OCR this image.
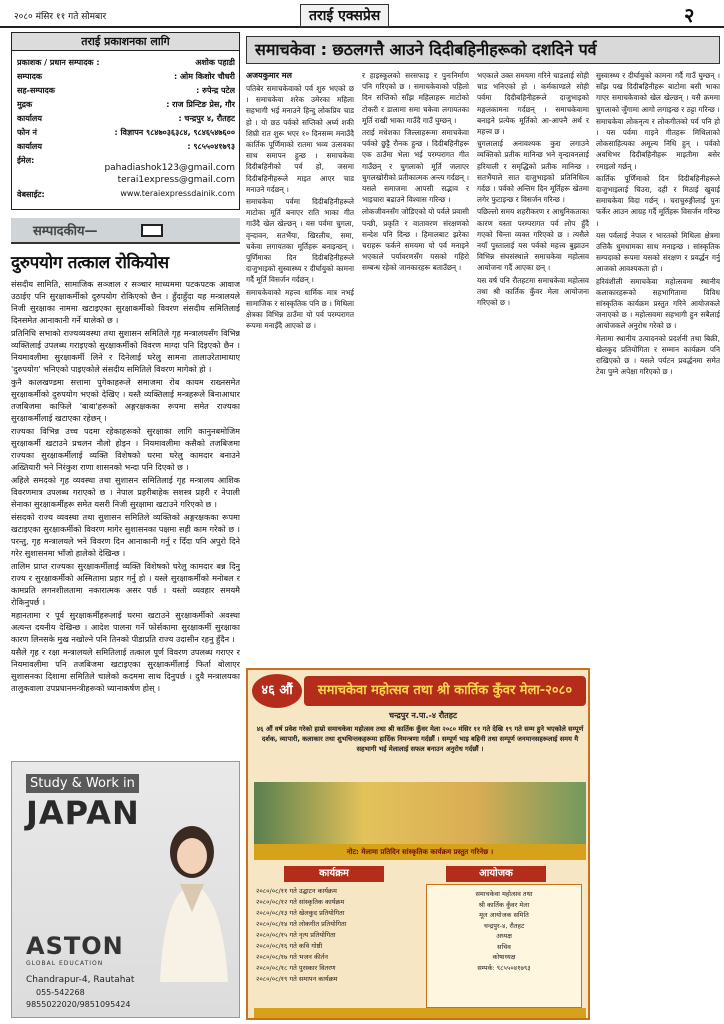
२०८० मंसिर ११ गते सोमबार	तराई एक्सप्रेस	२
तराई प्रकाशनका लागि
प्रकाशक / प्रधान सम्पादक :	अशोक पहाडी
सम्पादक	: ओम किशोर चौधरी
सह-सम्पादक	: रुपेन्द्र पटेल
मुद्रक	: राज प्रिन्टिङ प्रेस, गौर
कार्यालय	: चन्द्रपुर ४, रौतहट
फोन नं	: विज्ञापन ९८४७०३६३८४, ९८४६५४७६००
कार्यालय	: ९८५५०४१७९३
ईमेल:
pahadiashok123@gmail.com
terai1express@gmail.com
वेबसाईट:	www.teraiexpressdainik.com
सम्पादकीय—
दुरुपयोग तत्काल रोकियोस

संसदीय सामिति, सामाजिक सञ्जाल र सञ्चार माध्यममा पटकपटक आवाज उठाईए पनि सुरक्षाकर्मीको दुरुपयोग रोकिएको छैन । हुँदाहुँदा यह मन्त्रालयले निजी सुरक्षाका नाममा खटाइएका सुरक्षाकर्मीको विवरण संसदीय समितिलाई दिनसमेत आनाकानी गर्ने थालेको छ ।

प्रतिनिधि सभाको राज्यव्यवस्था तथा सुशासन समितिले गृह मन्त्रालयसँग विभिन्न व्यक्तिलाई उपलब्ध गराइएको सुरक्षाकर्मीको विवरण माग्दा पनि दिइएको छैन । नियमावलीमा सुरक्षाकर्मी लिने र दिनेलाई घरेलु सामना तालाउरेतामाथाए 'दुरुपयोग' भनिएको पाइएकोले संसदीय समितिले विवरण मागेको हो ।

कुनै कालखण्डमा सत्तामा पुगेकाहरूले समाजमा रोब कायम राख्नसमेत सुरक्षाकर्मीको दुरुपयोग भएको देखिए । यस्तै व्यक्तिलाई मन्त्रहरूले बिनाआधार तजबिजमा काफिले 'बाबा'हरूको अङ्गरक्षकका रूपमा समेत राज्यका सुरक्षाकर्मीलाई खटाएका रहेछन् ।

राज्यका विभिन्न उच्च पदमा रहेकाहरूको सुरक्षाका लागि कानुनबमोजिम सुरक्षाकर्मी खटाउने प्रचलन नौलो होइन । नियमावलीमा कसैको तजबिजमा राज्यका सुरक्षाकर्मीलाई व्यक्ति विशेषको घरमा घरेलु कामदार बनाउने अख्तियारी भने निरंकुश राणा शासनको भन्दा पनि दिएको छ ।

अहिले समदको गृह व्यवस्था तथा सुशासन समितिलाई गृह मन्त्रालय आशिक विवरणमात्र उपलब्ध गराएको छ । नेपाल प्रहरीबाहेक सशस्त्र प्रहरी र नेपाली सेनाका सुरक्षाकर्मीहरू समेत यसरी निजी सुरक्षामा खटाउने गरिएको छ ।

संसदको राज्य व्यवस्था तथा सुशासन समितिले व्यक्तिको अङ्गरक्षकका रूपमा खटाइएका सुरक्षाकर्मीको विवरण मागेर सुशासनका पक्षमा सही काम गरेको छ । परन्तु, गृह मन्त्रालयले भने विवरण दिन आनाकानी गर्नु र दिँदा पनि अपुरो दिने गरेर सुशासनमा भाँजो हालेको देखिन्छ ।

तालिम प्राप्त राज्यका सुरक्षाकर्मीलाई व्यक्ति विशेषको घरेलु कामदार बन्न दिनु राज्य र सुरक्षाकर्मीको अस्मितामा प्रहार गर्नु हो । यस्ले सुरक्षाकर्मीको मनोबल र कामप्रति लगनशीलतामा नकारात्मक असर पर्छ । यस्तो व्यवहार समयमै रोकिनुपर्छ ।

महानतामा र पूर्व सुरक्षाकर्मीहरूलाई घरमा खटाउने सुरक्षाकर्मीको अवस्था अत्यन्त दयनीय देखिन्छ । आदेश पालना गर्ने फोर्सकामा सुरक्षाकर्मी सुरक्षाका कारण लिनसके मुख नखोल्ने पनि तिनको पीडाप्रति राज्य उदासीन रहनु हुँदैन ।

यसैले गृह र रक्षा मन्त्रालयले समितिलाई तत्काल पूर्ण विवरण उपलब्ध गराएर र नियमावलीमा पनि तजबिजमा खटाइएका सुरक्षाकर्मीलाई फिर्ता बोलाएर सुशासनका दिशामा समितिले चालेको कदममा साथ दिनुपर्छ । दुवै मन्त्रालयका तालुकवाला उपप्रधानमन्त्रीहरूको ध्यानाकर्षण होस् ।

Study & Work in
JAPAN
ASTON
GLOBAL EDUCATION
Chandrapur-4, Rautahat
055-542268
9855022020/9851095424
समाचकेवा : छठलगत्तै आउने दिदीबहिनीहरूको दशदिने पर्व
अजयकुमार मल

पतिबेर समाचकेवाको पर्व शुरु भएको छ । समाचकेवा शरेक उमेरका महिला सहभागी भई मनाउने हिन्दु लोकप्रिय चाड हो । यो छठ पर्वको सप्तिको अर्घ्य शकी शिघ्री रात शुरू भएर १० दिनसम्म मनाउँदै कार्तिक पूर्णिमाको रातमा भव्य उत्सवका साथ समापन हुन्छ । समाचकेवा दिदीबहिनीको पर्व हो, जसमा दिदीबहिनीहरूले माइत आएर चाड मनाउने गर्दछन् ।

समाचकेवा पर्वमा दिदीबहिनीहरूले माटोका मूर्ति बनाएर राति भाका गीत गाउँदै खेल खेल्छन् । यस पर्वमा चुगला, वृन्दावन, सतभैंया, खिरलीच, समा, चकेवा लगायतका मूर्तिहरू बनाइन्छन् । पूर्णिमाका दिन दिदीबहिनीहरूले दाजुभाइको सुस्वास्थ्य र दीर्घायुको कामना गर्दै मूर्ति विसर्जन गर्दछन् ।

समाचकेवाको महत्त्व धार्मिक मात्र नभई सामाजिक र सांस्कृतिक पनि छ । मिथिला क्षेत्रका विभिन्न ठाउँमा यो पर्व परम्परागत रूपमा मनाइँदै आएको छ ।

र हाइस्कूलको सरसफाइ र पुनःनिर्माण पनि गरिएको छ । समाचकेवाको पहिलो दिन सप्तिको साँझ महिलाहरू माटोको टोकरी र डालामा समा चकेवा लगायतका मूर्ति राखी भाका गाउँदै गाउँ घुम्छन् ।

तराई मधेशका जिल्लाहरूमा समाचकेवा पर्वको छुट्टै रौनक हुन्छ । दिदीबहिनीहरू एक ठाउँमा भेला भई परम्परागत गीत गाउँछन् र चुगलाको मूर्ति जलाएर चुगलखोरीको प्रतीकात्मक अन्त्य गर्दछन् । यसले समाजमा आपसी सद्भाव र भाइचारा बढाउने विश्वास गरिन्छ ।

लोकजीवनसँग जोडिएको यो पर्वले प्रवासी पन्छी, प्रकृति र वातावरण संरक्षणको सन्देश पनि दिन्छ । हिमालबाट झरेका चराहरू फर्कने समयमा यो पर्व मनाइने भएकाले पर्यावरणसँग यसको गहिरो सम्बन्ध रहेको जानकारहरू बताउँछन् ।

भएकाले उक्त समयमा गरिने चाडलाई सोही चाड भनिएको हो । कर्मकाण्डले सोही पर्वमा दिदीबहिनीहरूले दाजुभाइको मङ्गलकामना गर्दछन् । समाचकेवामा बनाइने प्रत्येक मूर्तिको आ-आफ्नै अर्थ र महत्त्व छ ।

चुगलालाई अनावश्यक कुरा लगाउने व्यक्तिको प्रतीक मानिन्छ भने वृन्दावनलाई हरियाली र समृद्धिको प्रतीक मानिन्छ । सतभैंयाले सात दाजुभाइको प्रतिनिधित्व गर्दछ । पर्वको अन्तिम दिन मूर्तिहरू खेतमा लगेर फुटाइन्छ र विसर्जन गरिन्छ ।

पछिल्लो समय शहरीकरण र आधुनिकताका कारण यस्ता परम्परागत पर्व लोप हुँदै गएको चिन्ता व्यक्त गरिएको छ । त्यसैले नयाँ पुस्तालाई यस पर्वको महत्त्व बुझाउन विभिन्न संघसंस्थाले समाचकेवा महोत्सव आयोजना गर्दै आएका छन् ।

यस वर्ष पनि रौतहटमा समाचकेवा महोत्सव तथा श्री कार्तिक कुँवर मेला आयोजना गरिएको छ ।

सुस्वास्थ्य र दीर्घायुको कामना गर्दै गाउँ घुम्छन् । साँझ पख दिदीबहिनीहरू बाटोमा बसी भाका गाएर समाचकेवाको खेल खेल्छन् । यसै क्रममा चुगलाको जुँगामा आगो लगाइन्छ र ठट्टा गरिन्छ ।

समाचकेवा लोकनृत्य र लोकगीतको पर्व पनि हो । यस पर्वमा गाइने गीतहरू मिथिलाको लोकसाहित्यका अमूल्य निधि हुन् । पर्वको अवधिभर दिदीबहिनीहरू माइतीमा बसेर रमाइलो गर्छन् ।

कार्तिक पूर्णिमाको दिन दिदीबहिनीहरूले दाजुभाइलाई चिउरा, दही र मिठाई खुवाई समाचकेवा विदा गर्छन् । चराचुरुङ्गीलाई पुनः फर्केर आउन आग्रह गर्दै मूर्तिहरू विसर्जन गरिन्छ ।

यस पर्वलाई नेपाल र भारतको मिथिला क्षेत्रमा उत्तिकै धुमधामका साथ मनाइन्छ । सांस्कृतिक सम्पदाको रूपमा यसको संरक्षण र प्रवर्द्धन गर्नु आजको आवश्यकता हो ।

हरिवंशीली समाचकेवा महोत्सवमा स्थानीय कलाकारहरूको सहभागितामा विविध सांस्कृतिक कार्यक्रम प्रस्तुत गरिने आयोजकले जनाएको छ । महोत्सवमा सहभागी हुन सबैलाई आयोजकले अनुरोध गरेको छ ।

मेलामा स्थानीय उत्पादनको प्रदर्शनी तथा बिक्री, खेलकुद प्रतियोगिता र सम्मान कार्यक्रम पनि राखिएको छ । यसले पर्यटन प्रवर्द्धनमा समेत टेवा पुग्ने अपेक्षा गरिएको छ ।

४६ औं	समाचकेवा महोत्सव तथा श्री कार्तिक कुँवर मेला-२०८०
चन्द्रपुर न.पा.-४ रौतहट
४६ औं वर्ष प्रवेश गरेको हाम्रो समाचकेवा महोत्सव तथा श्री कार्तिक कुँवर मेला २०८० मंसिर ११ गते देखि १९ गते सम्म हुने भएकोले सम्पूर्ण दर्शक, व्यापारी, कलाकार तथा शुभचिन्तकहरूमा हार्दिक निमन्त्रणा गर्दछौं । सम्पूर्ण भाइ बहिनी तथा सम्पूर्ण जनमानसहरूलाई समय मै सहभागी भई मेलालाई सफल बनाउन अनुरोध गर्दछौं ।
नोट: मेलामा प्रतिदिन सांस्कृतिक कार्यक्रम प्रस्तुत गरिनेछ ।
कार्यक्रम
२०८०/०८/११ गते उद्घाटन कार्यक्रम
२०८०/०८/१२ गते सांस्कृतिक कार्यक्रम
२०८०/०८/१३ गते खेलकुद प्रतियोगिता
२०८०/०८/१४ गते लोकगीत प्रतियोगिता
२०८०/०८/१५ गते नृत्य प्रतियोगिता
२०८०/०८/१६ गते कवि गोष्ठी
२०८०/०८/१७ गते भजन कीर्तन
२०८०/०८/१८ गते पुरस्कार वितरण
२०८०/०८/१९ गते समापन कार्यक्रम
आयोजक
समाचकेवा महोत्सव तथा
श्री कार्तिक कुँवर मेला
मूल आयोजक समिति
चन्द्रपुर-४, रौतहट
अध्यक्ष
सचिव
कोषाध्यक्ष
सम्पर्क: ९८५५०४१७९३
